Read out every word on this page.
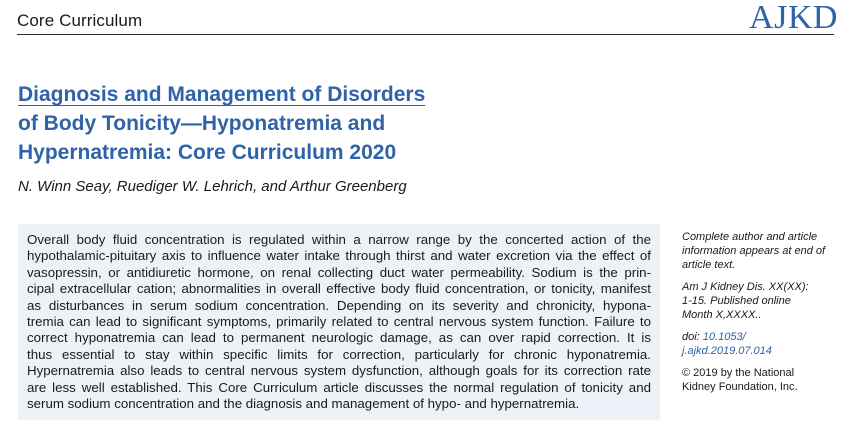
Core Curriculum	AJKD
Diagnosis and Management of Disorders
of Body Tonicity—Hyponatremia and
Hypernatremia: Core Curriculum 2020
N. Winn Seay, Ruediger W. Lehrich, and Arthur Greenberg

Overall body fluid concentration is regulated within a narrow range by the concerted action of the
hypothalamic-pituitary axis to influence water intake through thirst and water excretion via the effect of
vasopressin, or antidiuretic hormone, on renal collecting duct water permeability. Sodium is the prin-
cipal extracellular cation; abnormalities in overall effective body fluid concentration, or tonicity, manifest
as disturbances in serum sodium concentration. Depending on its severity and chronicity, hypona-
tremia can lead to significant symptoms, primarily related to central nervous system function. Failure to
correct hyponatremia can lead to permanent neurologic damage, as can over rapid correction. It is
thus essential to stay within specific limits for correction, particularly for chronic hyponatremia.
Hypernatremia also leads to central nervous system dysfunction, although goals for its correction rate
are less well established. This Core Curriculum article discusses the normal regulation of tonicity and
serum sodium concentration and the diagnosis and management of hypo- and hypernatremia.

Complete author and article information appears at end of article text.

Am J Kidney Dis. XX(XX):
1-15. Published online
Month X,XXXX..

doi: 10.1053/
j.ajkd.2019.07.014

© 2019 by the National
Kidney Foundation, Inc.
